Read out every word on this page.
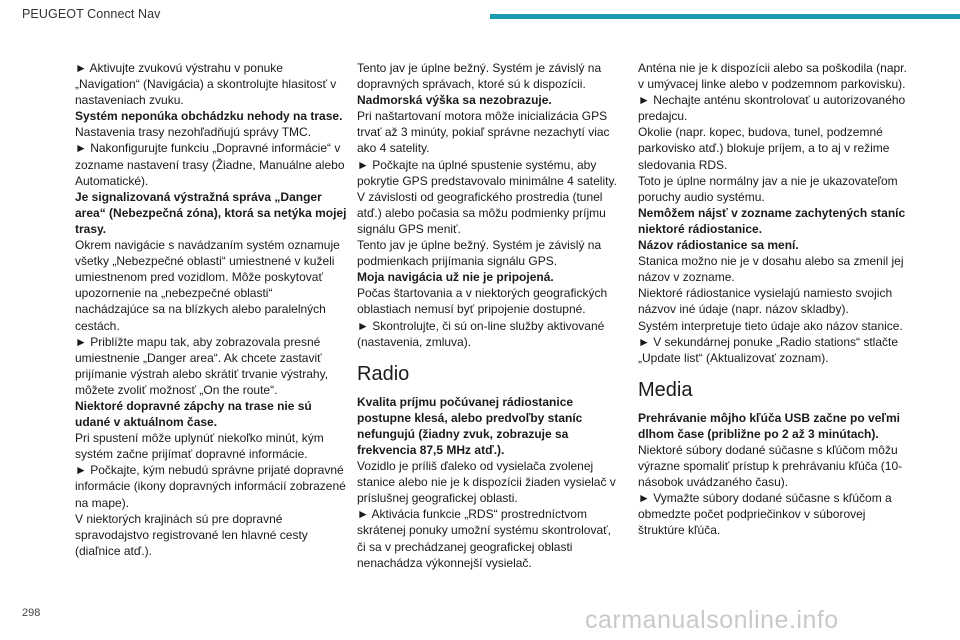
PEUGEOT Connect Nav

► Aktivujte zvukovú výstrahu v ponuke „Navigation“ (Navigácia) a skontrolujte hlasitosť v nastaveniach zvuku.

Systém neponúka obchádzku nehody na trase.

Nastavenia trasy nezohľadňujú správy TMC.

► Nakonfigurujte funkciu „Dopravné informácie“ v zozname nastavení trasy (Žiadne, Manuálne alebo Automatické).

Je signalizovaná výstražná správa „Danger area“ (Nebezpečná zóna), ktorá sa netýka mojej trasy.

Okrem navigácie s navádzaním systém oznamuje všetky „Nebezpečné oblasti“ umiestnené v kuželi umiestnenom pred vozidlom. Môže poskytovať upozornenie na „nebezpečné oblasti“ nachádzajúce sa na blízkych alebo paralelných cestách.

► Priblížte mapu tak, aby zobrazovala presné umiestnenie „Danger area“. Ak chcete zastaviť prijímanie výstrah alebo skrátiť trvanie výstrahy, môžete zvoliť možnosť „On the route“.

Niektoré dopravné zápchy na trase nie sú udané v aktuálnom čase.

Pri spustení môže uplynúť niekoľko minút, kým systém začne prijímať dopravné informácie.

► Počkajte, kým nebudú správne prijaté dopravné informácie (ikony dopravných informácií zobrazené na mape).

V niektorých krajinách sú pre dopravné spravodajstvo registrované len hlavné cesty (diaľnice atď.).

Tento jav je úplne bežný. Systém je závislý na dopravných správach, ktoré sú k dispozícii.

Nadmorská výška sa nezobrazuje.

Pri naštartovaní motora môže inicializácia GPS trvať až 3 minúty, pokiaľ správne nezachytí viac ako 4 satelity.

► Počkajte na úplné spustenie systému, aby pokrytie GPS predstavovalo minimálne 4 satelity.

V závislosti od geografického prostredia (tunel atď.) alebo počasia sa môžu podmienky príjmu signálu GPS meniť.

Tento jav je úplne bežný. Systém je závislý na podmienkach prijímania signálu GPS.

Moja navigácia už nie je pripojená.

Počas štartovania a v niektorých geografických oblastiach nemusí byť pripojenie dostupné.

► Skontrolujte, či sú on-line služby aktivované (nastavenia, zmluva).

Radio

Kvalita príjmu počúvanej rádiostanice postupne klesá, alebo predvoľby staníc nefungujú (žiadny zvuk, zobrazuje sa frekvencia 87,5 MHz atď.).

Vozidlo je príliš ďaleko od vysielača zvolenej stanice alebo nie je k dispozícii žiaden vysielač v príslušnej geografickej oblasti.

► Aktivácia funkcie „RDS“ prostredníctvom skrátenej ponuky umožní systému skontrolovať, či sa v prechádzanej geografickej oblasti nenachádza výkonnejší vysielač.

Anténa nie je k dispozícii alebo sa poškodila (napr. v umývacej linke alebo v podzemnom parkovisku).

► Nechajte anténu skontrolovať u autorizovaného predajcu.

Okolie (napr. kopec, budova, tunel, podzemné parkovisko atď.) blokuje príjem, a to aj v režime sledovania RDS.

Toto je úplne normálny jav a nie je ukazovateľom poruchy audio systému.

Nemôžem nájsť v zozname zachytených staníc niektoré rádiostanice.

Názov rádiostanice sa mení.

Stanica možno nie je v dosahu alebo sa zmenil jej názov v zozname.

Niektoré rádiostanice vysielajú namiesto svojich názvov iné údaje (napr. názov skladby).

Systém interpretuje tieto údaje ako názov stanice.

► V sekundárnej ponuke „Radio stations“ stlačte „Update list“ (Aktualizovať zoznam).

Media

Prehrávanie môjho kľúča USB začne po veľmi dlhom čase (približne po 2 až 3 minútach).

Niektoré súbory dodané súčasne s kľúčom môžu výrazne spomaliť prístup k prehrávaniu kľúča (10-násobok uvádzaného času).

► Vymažte súbory dodané súčasne s kľúčom a obmedzte počet podpriečinkov v súborovej štruktúre kľúča.

298	carmanualsonline.info
